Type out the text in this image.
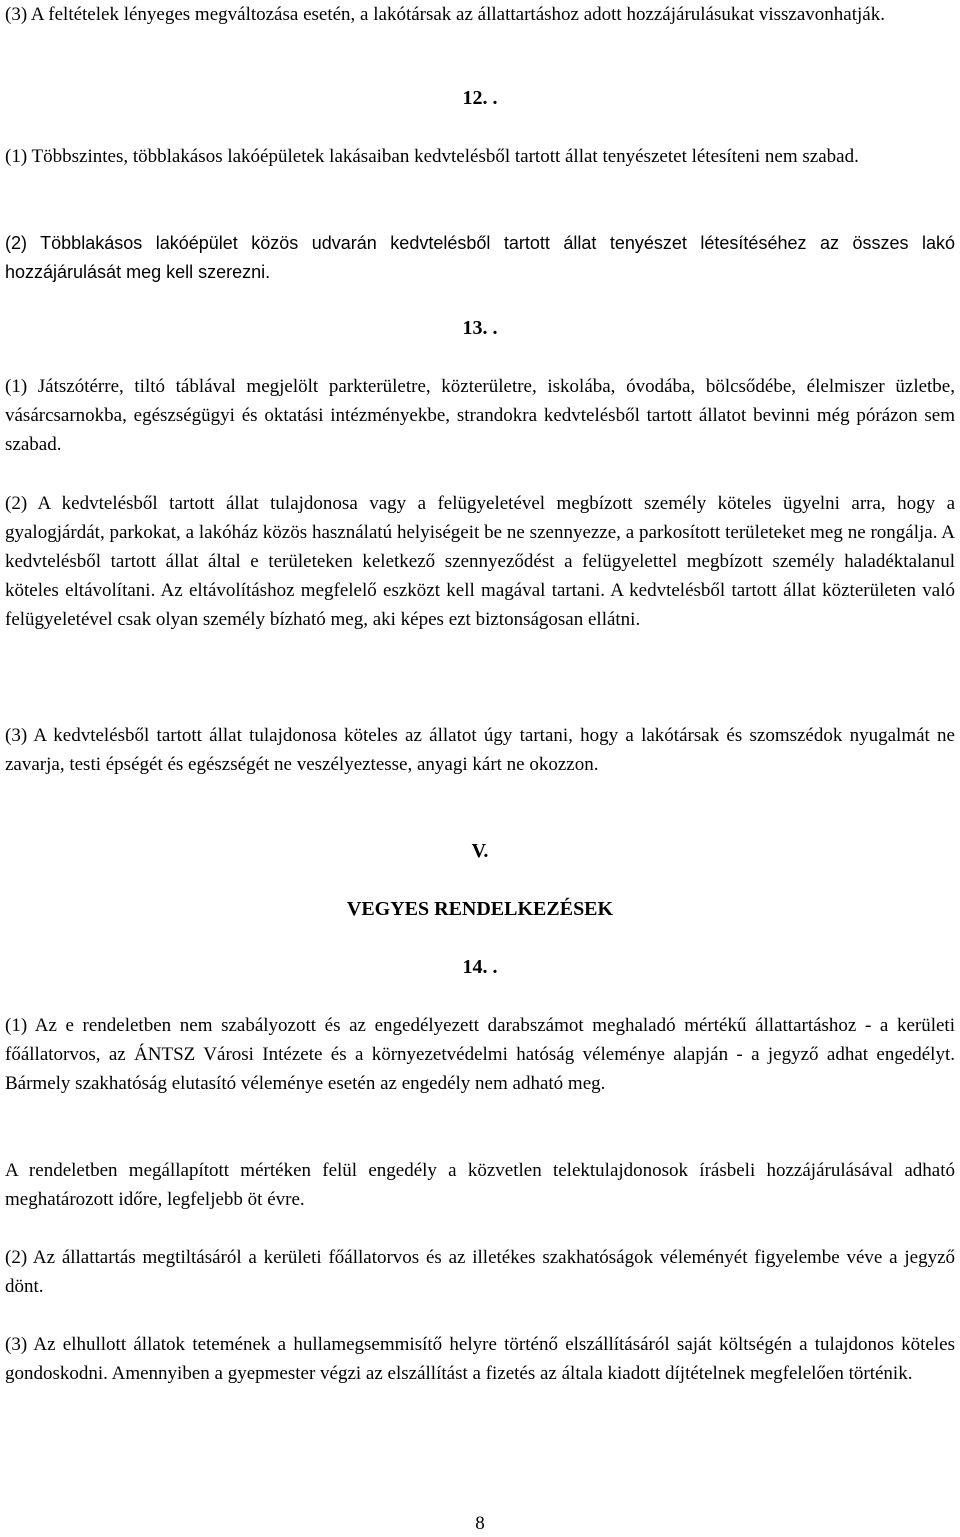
(3) A feltételek lényeges megváltozása esetén, a lakótársak az állattartáshoz adott hozzájárulásukat visszavonhatják.

12. .

(1) Többszintes, többlakásos lakóépületek lakásaiban kedvtelésből tartott állat tenyészetet létesíteni nem szabad.

(2) Többlakásos lakóépület közös udvarán kedvtelésből tartott állat tenyészet létesítéséhez az összes lakó hozzájárulását meg kell szerezni.

13. .

(1) Játszótérre, tiltó táblával megjelölt parkterületre, közterületre, iskolába, óvodába, bölcsődébe, élelmiszer üzletbe, vásárcsarnokba, egészségügyi és oktatási intézményekbe, strandokra kedvtelésből tartott állatot bevinni még pórázon sem szabad.

(2) A kedvtelésből tartott állat tulajdonosa vagy a felügyeletével megbízott személy köteles ügyelni arra, hogy a gyalogjárdát, parkokat, a lakóház közös használatú helyiségeit be ne szennyezze, a parkosított területeket meg ne rongálja. A kedvtelésből tartott állat által e területeken keletkező szennyeződést a felügyelettel megbízott személy haladéktalanul köteles eltávolítani. Az eltávolításhoz megfelelő eszközt kell magával tartani. A kedvtelésből tartott állat közterületen való felügyeletével csak olyan személy bízható meg, aki képes ezt biztonságosan ellátni.

(3) A kedvtelésből tartott állat tulajdonosa köteles az állatot úgy tartani, hogy a lakótársak és szomszédok nyugalmát ne zavarja, testi épségét és egészségét ne veszélyeztesse, anyagi kárt ne okozzon.

V.

VEGYES RENDELKEZÉSEK

14. .

(1) Az e rendeletben nem szabályozott és az engedélyezett darabszámot meghaladó mértékű állattartáshoz - a kerületi főállatorvos, az ÁNTSZ Városi Intézete és a környezetvédelmi hatóság véleménye alapján - a jegyző adhat engedélyt. Bármely szakhatóság elutasító véleménye esetén az engedély nem adható meg.

A rendeletben megállapított mértéken felül engedély a közvetlen telektulajdonosok írásbeli hozzájárulásával adható meghatározott időre, legfeljebb öt évre.

(2) Az állattartás megtiltásáról a kerületi főállatorvos és az illetékes szakhatóságok véleményét figyelembe véve a jegyző dönt.

(3) Az elhullott állatok tetemének a hullamegsemmisítő helyre történő elszállításáról saját költségén a tulajdonos köteles gondoskodni. Amennyiben a gyepmester végzi az elszállítást a fizetés az általa kiadott díjtételnek megfelelően történik.

8
